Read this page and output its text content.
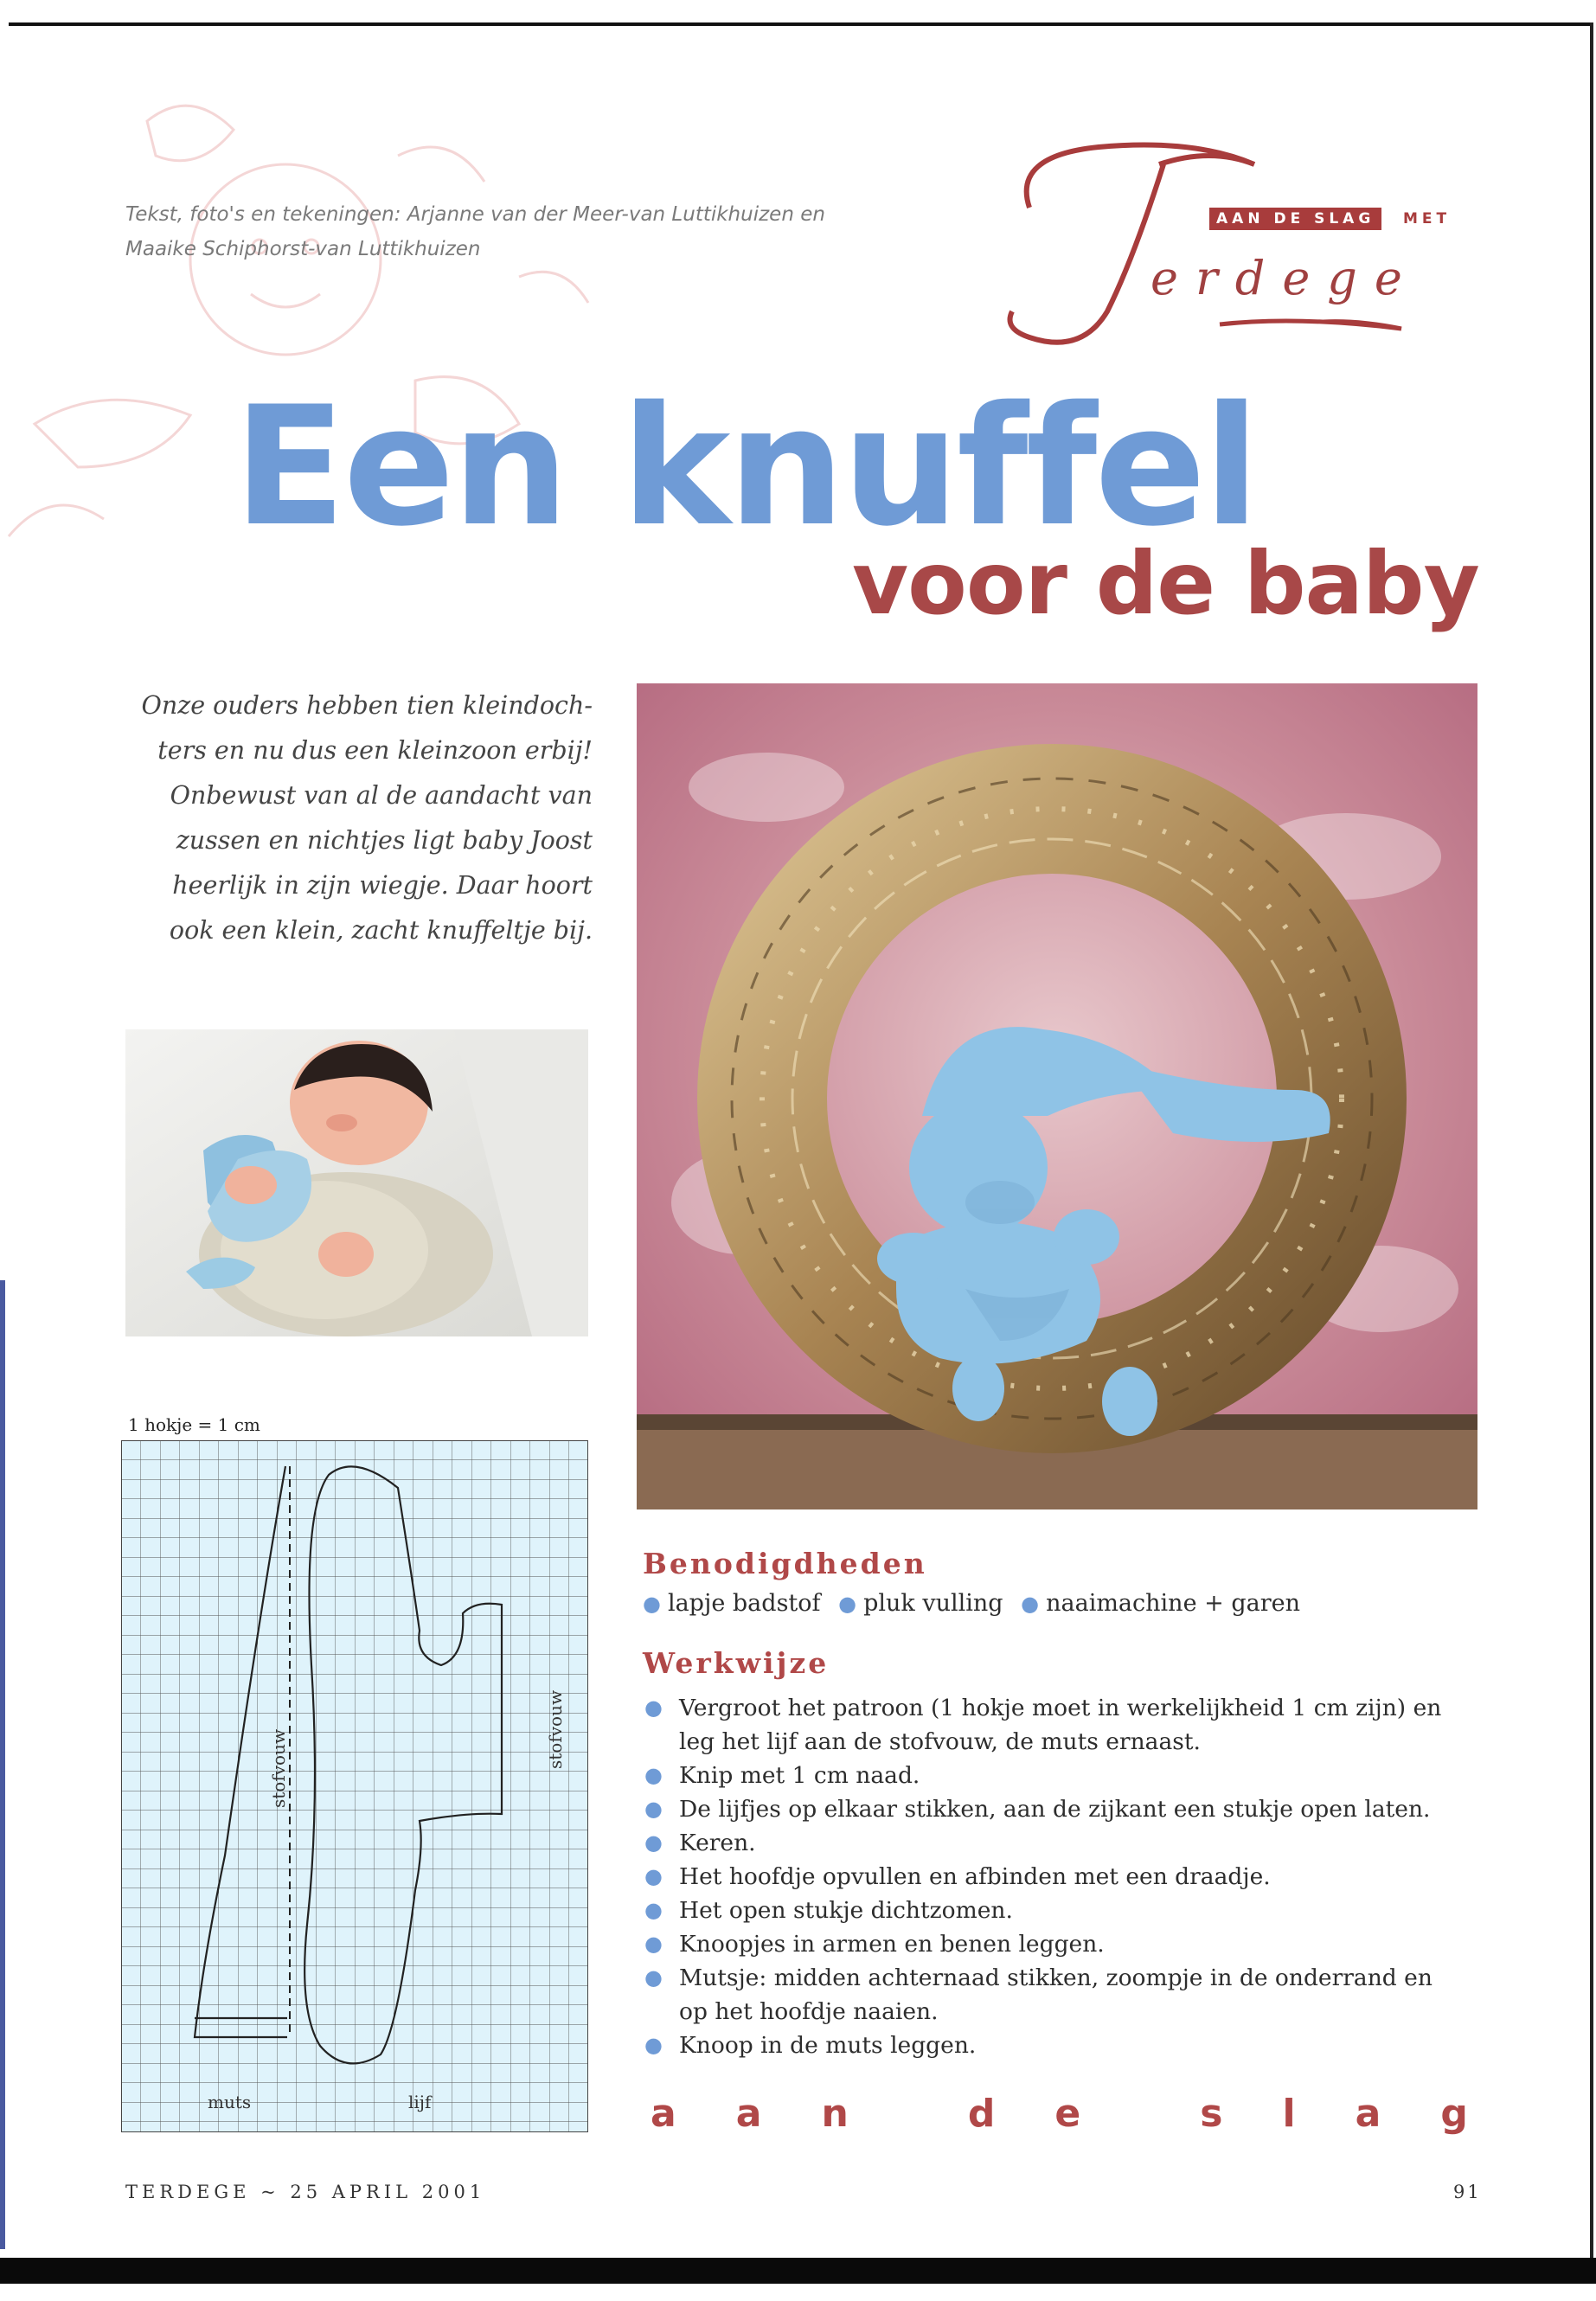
Tekst, foto's en tekeningen: Arjanne van der Meer-van Luttikhuizen en
Maaike Schiphorst-van Luttikhuizen
AAN DE SLAG	MET
erdege
Een knuffel
voor de baby
Onze ouders hebben tien kleindoch-
ters en nu dus een kleinzoon erbij!
Onbewust van al de aandacht van
zussen en nichtjes ligt baby Joost
heerlijk in zijn wiegje. Daar hoort
ook een klein, zacht knuffeltje bij.
1 hokje = 1 cm
stofvouw	stofvouw
muts	lijf
Benodigdheden
● lapje badstof ● pluk vulling ● naaimachine + garen
Werkwijze
● Vergroot het patroon (1 hokje moet in werkelijkheid 1 cm zijn) en
leg het lijf aan de stofvouw, de muts ernaast.
● Knip met 1 cm naad.
● De lijfjes op elkaar stikken, aan de zijkant een stukje open laten.
● Keren.
● Het hoofdje opvullen en afbinden met een draadje.
● Het open stukje dichtzomen.
● Knoopjes in armen en benen leggen.
● Mutsje: midden achternaad stikken, zoompje in de onderrand en
op het hoofdje naaien.
● Knoop in de muts leggen.
a a n	d e	s l a g
TERDEGE ~ 25 APRIL 2001	91
